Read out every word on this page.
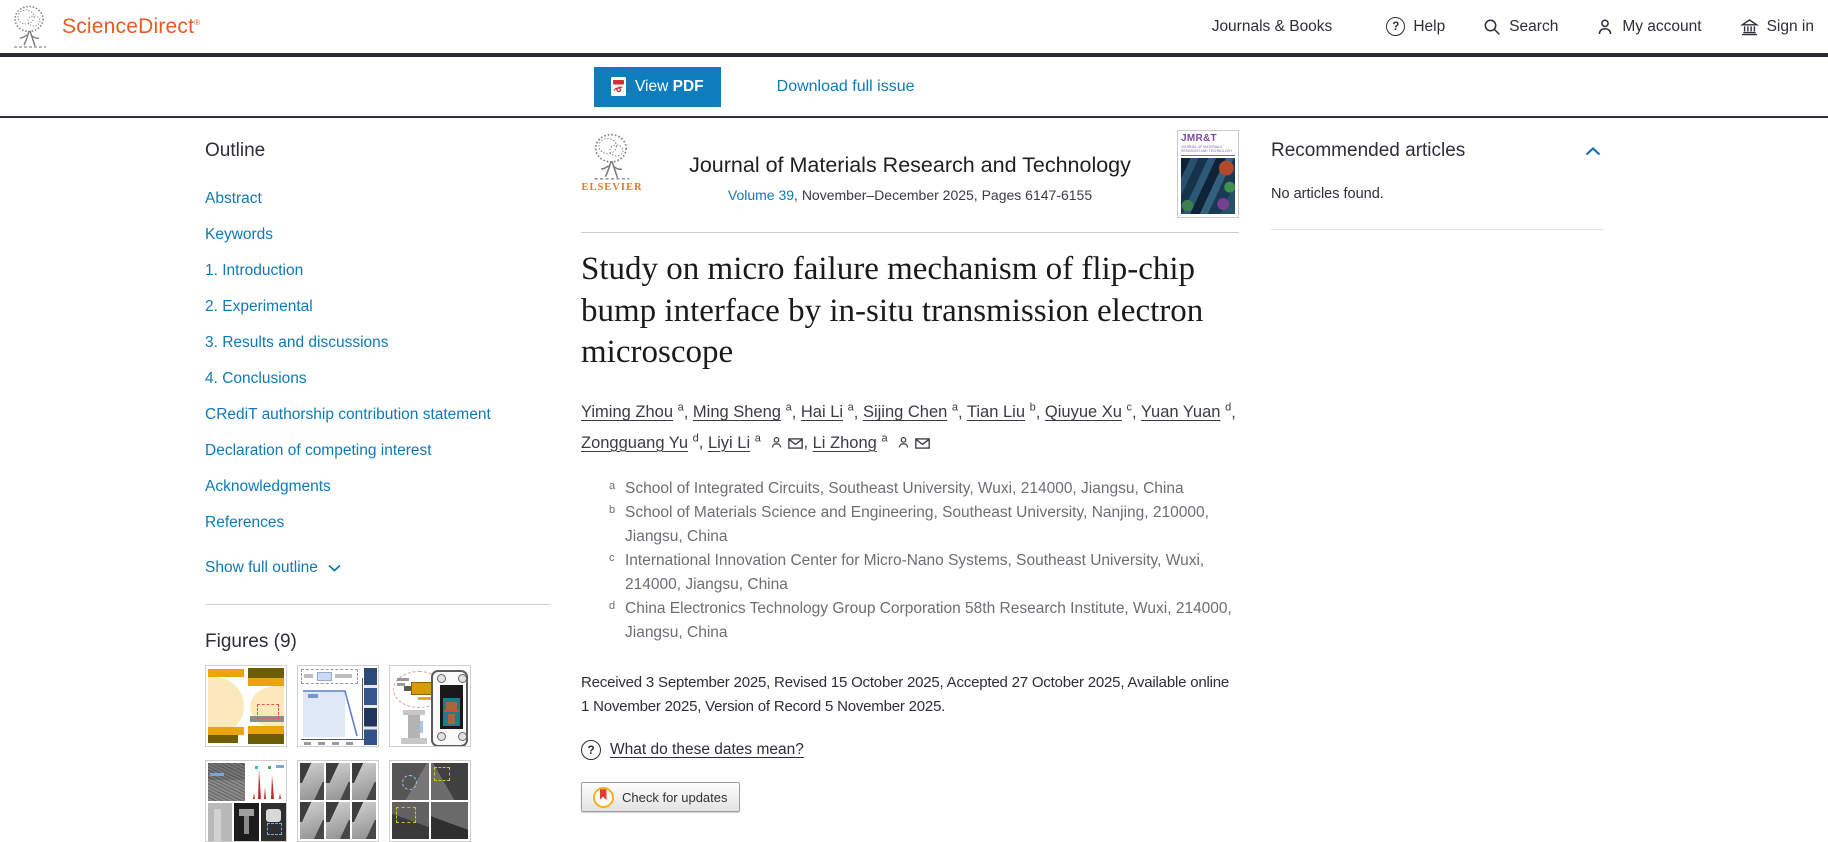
ScienceDirect®	Journals & Books	? Help	Search	My account	Sign in
View PDF	Download full issue
Outline
Abstract
Keywords
1. Introduction
2. Experimental
3. Results and discussions
4. Conclusions
CRediT authorship contribution statement
Declaration of competing interest
Acknowledgments
References
Show full outline
Figures (9)
ELSEVIER
Journal of Materials Research and Technology
Volume 39, November–December 2025, Pages 6147-6155
JMR&T
JOURNAL OF MATERIALS RESEARCH AND TECHNOLOGY
Study on micro failure mechanism of flip-chip bump interface by in-situ transmission electron microscope
Yiming Zhou $^a$, Ming Sheng $^a$, Hai Li $^a$, Sijing Chen $^a$, Tian Liu $^b$, Qiuyue Xu $^c$, Yuan Yuan $^d$, Zongguang Yu $^d$, Liyi Li $^a$	, Li Zhong $^a$
a School of Integrated Circuits, Southeast University, Wuxi, 214000, Jiangsu, China
b School of Materials Science and Engineering, Southeast University, Nanjing, 210000, Jiangsu, China
c International Innovation Center for Micro-Nano Systems, Southeast University, Wuxi, 214000, Jiangsu, China
d China Electronics Technology Group Corporation 58th Research Institute, Wuxi, 214000, Jiangsu, China

Received 3 September 2025, Revised 15 October 2025, Accepted 27 October 2025, Available online 1 November 2025, Version of Record 5 November 2025.

? What do these dates mean?

Check for updates
Recommended articles

No articles found.
